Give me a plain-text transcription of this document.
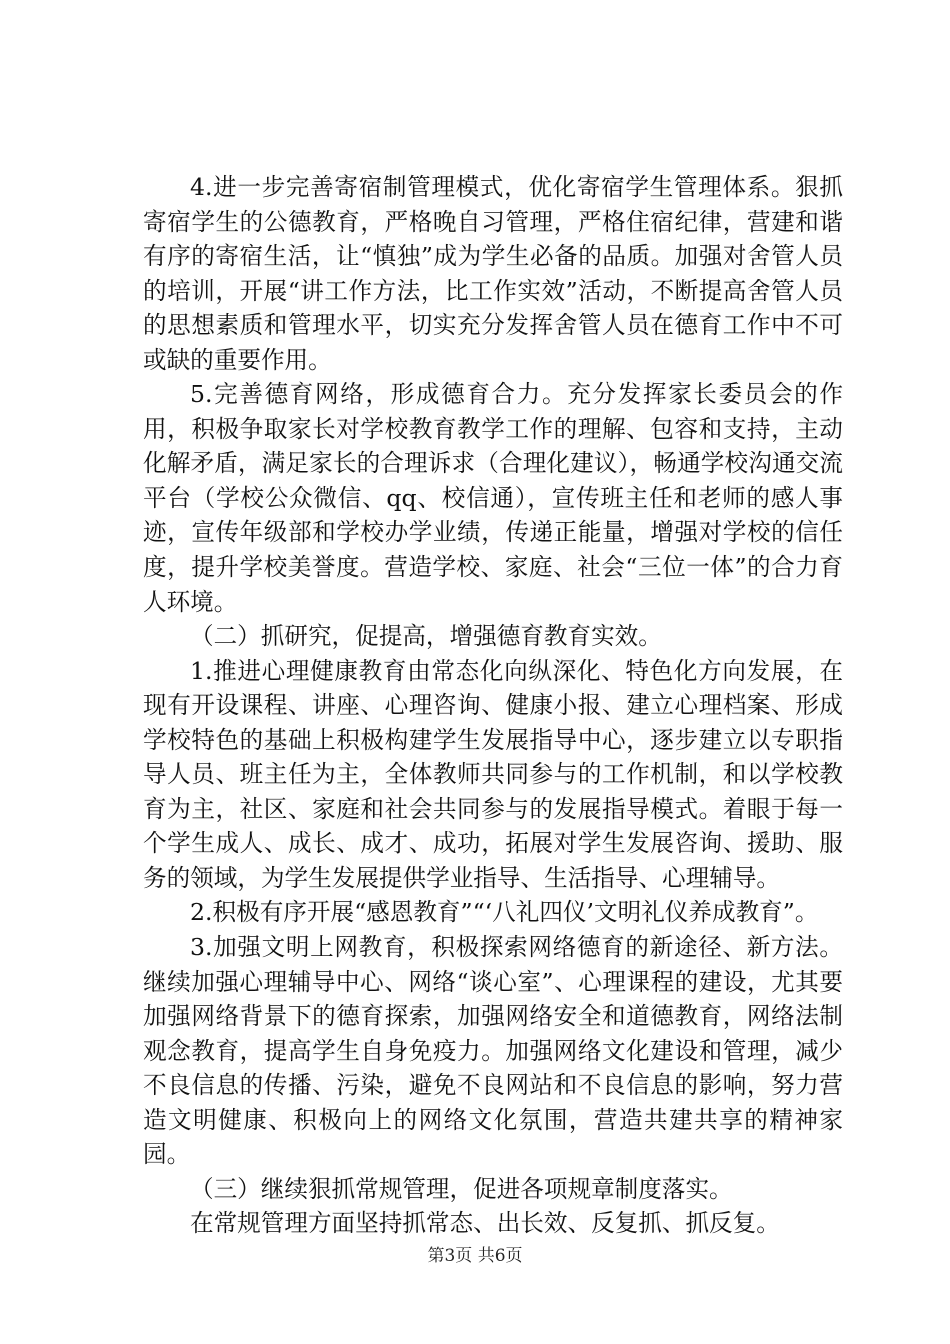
4.进一步完善寄宿制管理模式，优化寄宿学生管理体系。狠抓寄宿学生的公德教育，严格晚自习管理，严格住宿纪律，营建和谐有序的寄宿生活，让“慎独”成为学生必备的品质。加强对舍管人员的培训，开展“讲工作方法，比工作实效”活动，不断提高舍管人员的思想素质和管理水平，切实充分发挥舍管人员在德育工作中不可或缺的重要作用。

5.完善德育网络，形成德育合力。充分发挥家长委员会的作用，积极争取家长对学校教育教学工作的理解、包容和支持，主动化解矛盾，满足家长的合理诉求（合理化建议），畅通学校沟通交流平台（学校公众微信、qq、校信通），宣传班主任和老师的感人事迹，宣传年级部和学校办学业绩，传递正能量，增强对学校的信任度，提升学校美誉度。营造学校、家庭、社会“三位一体”的合力育人环境。

（二）抓研究，促提高，增强德育教育实效。

1.推进心理健康教育由常态化向纵深化、特色化方向发展，在现有开设课程、讲座、心理咨询、健康小报、建立心理档案、形成学校特色的基础上积极构建学生发展指导中心，逐步建立以专职指导人员、班主任为主，全体教师共同参与的工作机制，和以学校教育为主，社区、家庭和社会共同参与的发展指导模式。着眼于每一个学生成人、成长、成才、成功，拓展对学生发展咨询、援助、服务的领域，为学生发展提供学业指导、生活指导、心理辅导。

2.积极有序开展“感恩教育”“‘八礼四仪’文明礼仪养成教育”。

3.加强文明上网教育，积极探索网络德育的新途径、新方法。继续加强心理辅导中心、网络“谈心室”、心理课程的建设，尤其要加强网络背景下的德育探索，加强网络安全和道德教育，网络法制观念教育，提高学生自身免疫力。加强网络文化建设和管理，减少不良信息的传播、污染，避免不良网站和不良信息的影响，努力营造文明健康、积极向上的网络文化氛围，营造共建共享的精神家园。

（三）继续狠抓常规管理，促进各项规章制度落实。

在常规管理方面坚持抓常态、出长效、反复抓、抓反复。

第3页 共6页
